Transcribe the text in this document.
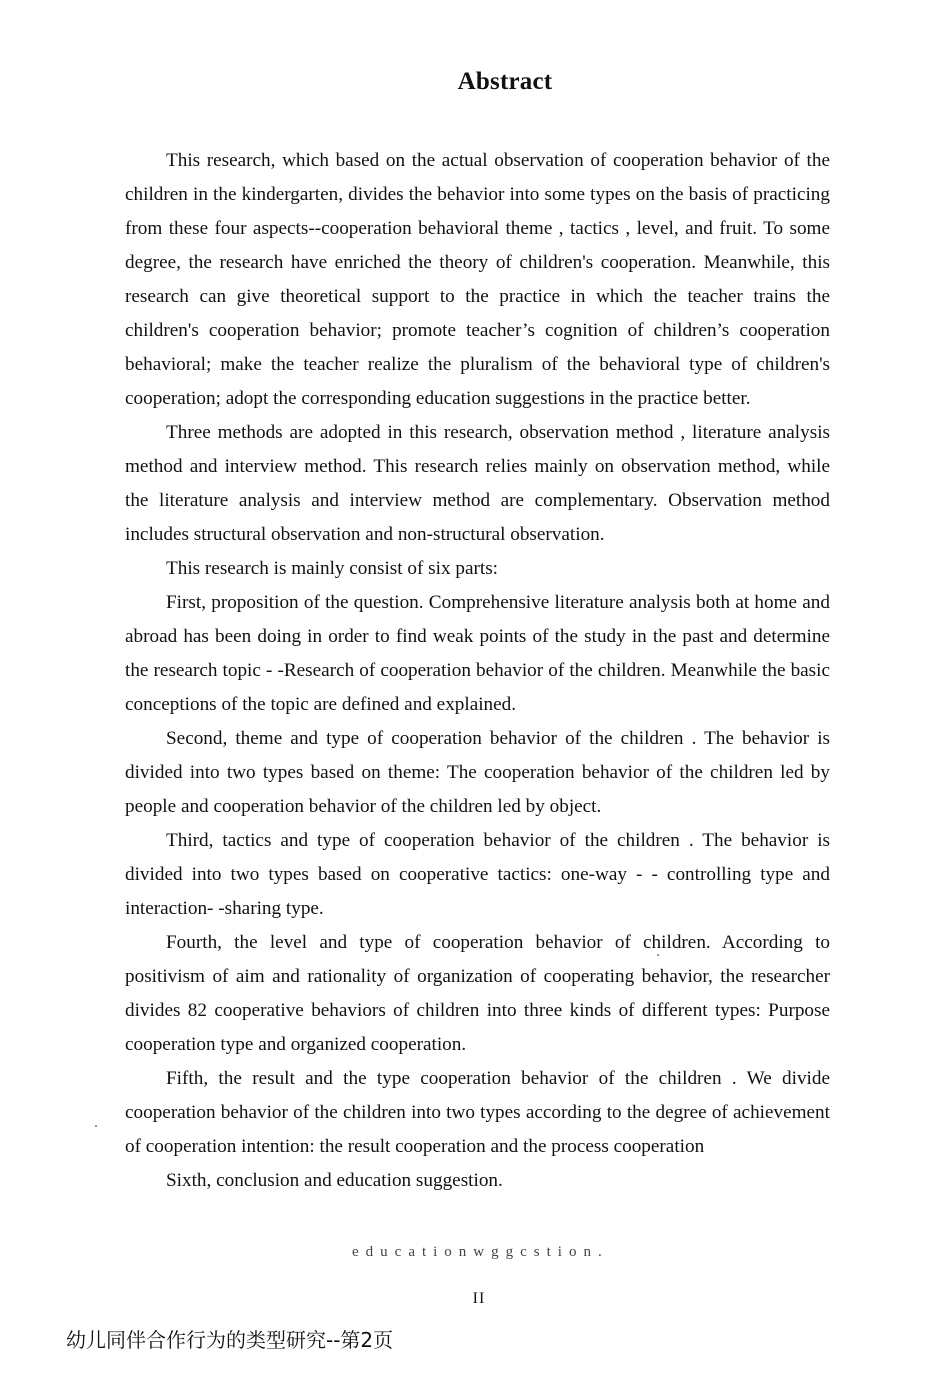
Abstract

This research, which based on the actual observation of cooperation behavior of the children in the kindergarten, divides the behavior into some types on the basis of practicing from these four aspects--cooperation behavioral theme , tactics , level, and fruit. To some degree, the research have enriched the theory of children's cooperation. Meanwhile, this research can give theoretical support to the practice in which the teacher trains the children's cooperation behavior; promote teacher’s cognition of children’s cooperation behavioral; make the teacher realize the pluralism of the behavioral type of children's cooperation; adopt the corresponding education suggestions in the practice better.

Three methods are adopted in this research, observation method , literature analysis method and interview method. This research relies mainly on observation method, while the literature analysis and interview method are complementary. Observation method includes structural observation and non-structural observation.

This research is mainly consist of six parts:

First, proposition of the question. Comprehensive literature analysis both at home and abroad has been doing in order to find weak points of the study in the past and determine the research topic - -Research of cooperation behavior of the children. Meanwhile the basic conceptions of the topic are defined and explained.

Second, theme and type of cooperation behavior of the children . The behavior is divided into two types based on theme: The cooperation behavior of the children led by people and cooperation behavior of the children led by object.

Third, tactics and type of cooperation behavior of the children . The behavior is divided into two types based on cooperative tactics: one-way - - controlling type and interaction- -sharing type.

Fourth, the level and type of cooperation behavior of children. According to positivism of aim and rationality of organization of cooperating behavior, the researcher divides 82 cooperative behaviors of children into three kinds of different types: Purpose cooperation type and organized cooperation.

Fifth, the result and the type cooperation behavior of the children . We divide cooperation behavior of the children into two types according to the degree of achievement of cooperation intention: the result cooperation and the process cooperation

Sixth, conclusion and education suggestion.

educationwggcstion.
II
幼儿同伴合作行为的类型研究--第2页
